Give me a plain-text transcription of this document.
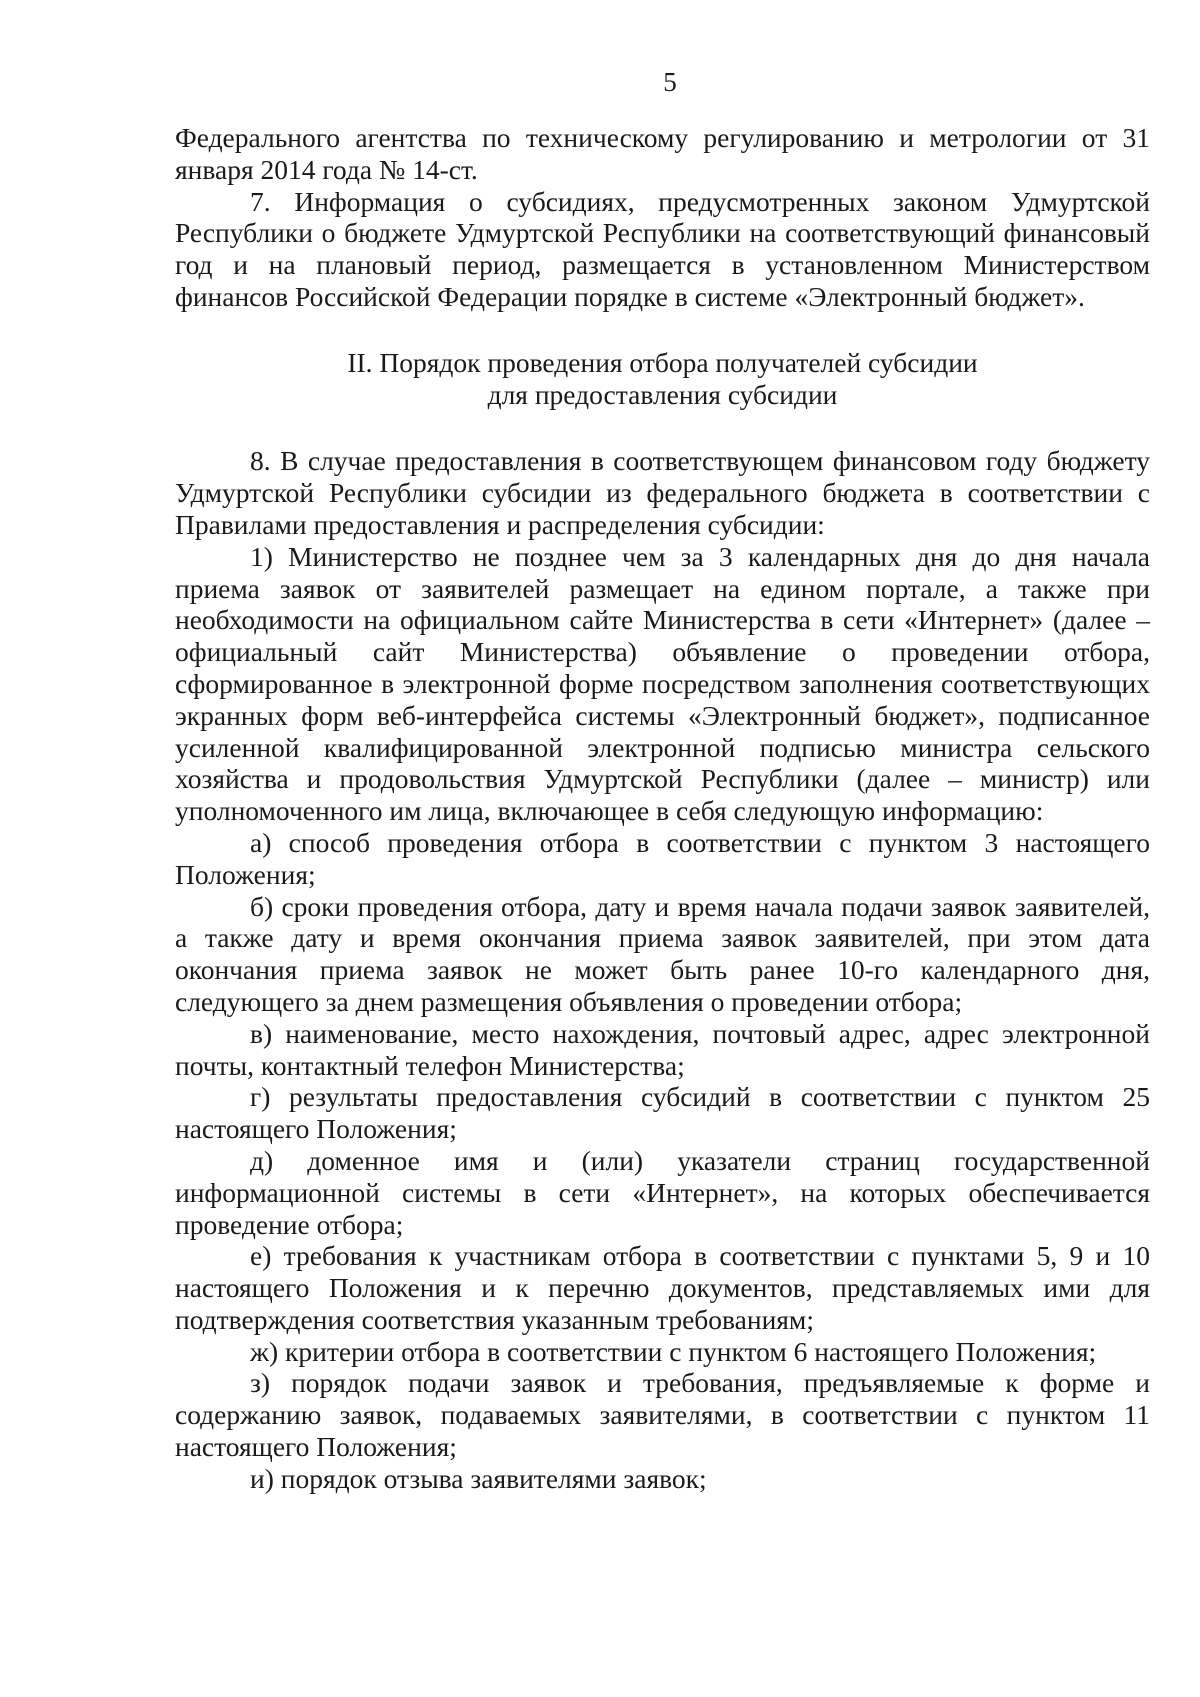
5

Федерального агентства по техническому регулированию и метрологии от 31 января 2014 года № 14-ст.

7. Информация о субсидиях, предусмотренных законом Удмуртской Республики о бюджете Удмуртской Республики на соответствующий финансовый год и на плановый период, размещается в установленном Министерством финансов Российской Федерации порядке в системе «Электронный бюджет».

II. Порядок проведения отбора получателей субсидии

для предоставления субсидии

8. В случае предоставления в соответствующем финансовом году бюджету Удмуртской Республики субсидии из федерального бюджета в соответствии с Правилами предоставления и распределения субсидии:

1) Министерство не позднее чем за 3 календарных дня до дня начала приема заявок от заявителей размещает на едином портале, а также при необходимости на официальном сайте Министерства в сети «Интернет» (далее – официальный сайт Министерства) объявление о проведении отбора, сформированное в электронной форме посредством заполнения соответствующих экранных форм веб-интерфейса системы «Электронный бюджет», подписанное усиленной квалифицированной электронной подписью министра сельского хозяйства и продовольствия Удмуртской Республики (далее – министр) или уполномоченного им лица, включающее в себя следующую информацию:

а) способ проведения отбора в соответствии с пунктом 3 настоящего Положения;

б) сроки проведения отбора, дату и время начала подачи заявок заявителей, а также дату и время окончания приема заявок заявителей, при этом дата окончания приема заявок не может быть ранее 10-го календарного дня, следующего за днем размещения объявления о проведении отбора;

в) наименование, место нахождения, почтовый адрес, адрес электронной почты, контактный телефон Министерства;

г) результаты предоставления субсидий в соответствии с пунктом 25 настоящего Положения;

д) доменное имя и (или) указатели страниц государственной информационной системы в сети «Интернет», на которых обеспечивается проведение отбора;

е) требования к участникам отбора в соответствии с пунктами 5, 9 и 10 настоящего Положения и к перечню документов, представляемых ими для подтверждения соответствия указанным требованиям;

ж) критерии отбора в соответствии с пунктом 6 настоящего Положения;

з) порядок подачи заявок и требования, предъявляемые к форме и содержанию заявок, подаваемых заявителями, в соответствии с пунктом 11 настоящего Положения;

и) порядок отзыва заявителями заявок;
